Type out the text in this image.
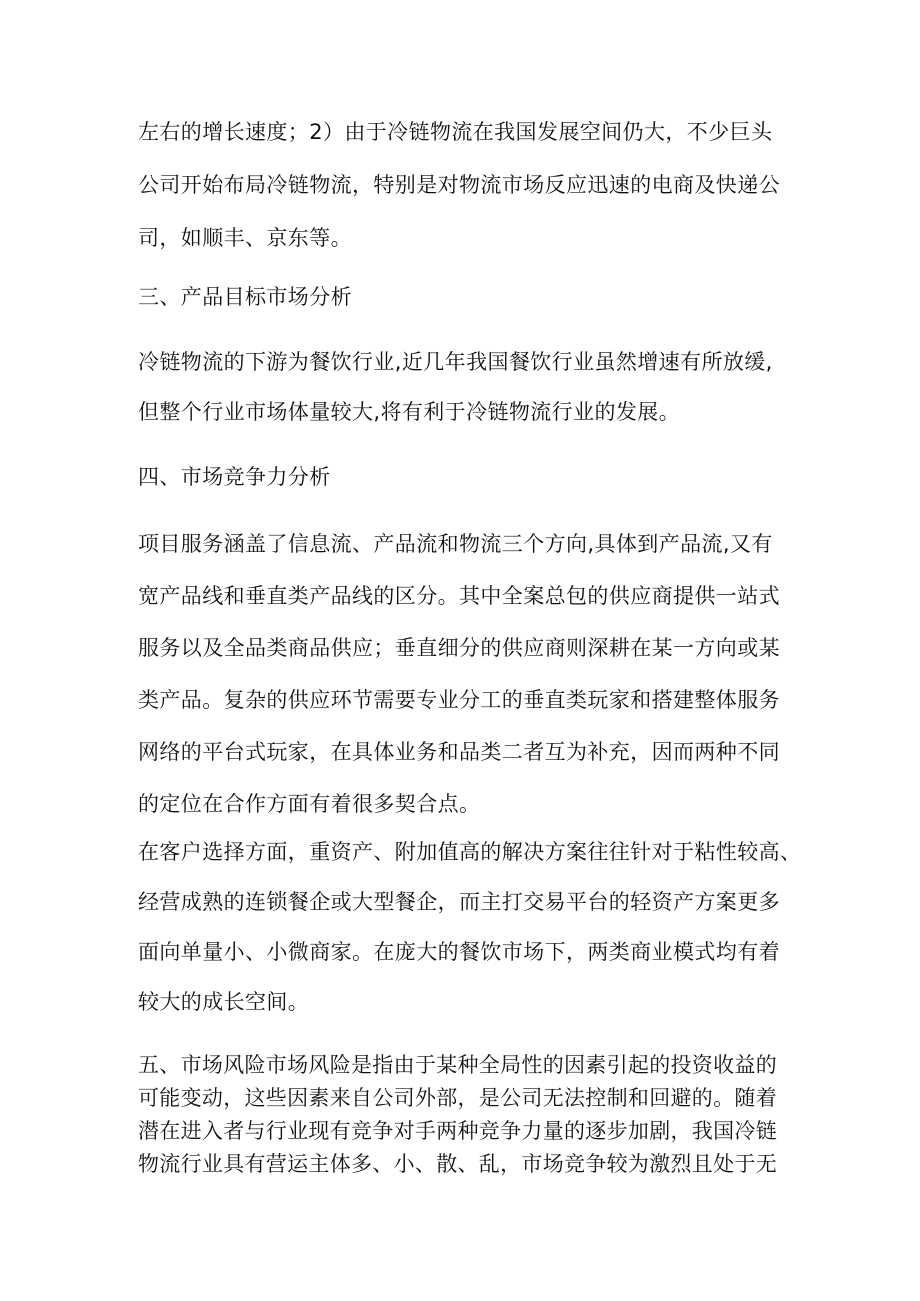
左右的增长速度；2）由于冷链物流在我国发展空间仍大，不少巨头

公司开始布局冷链物流，特别是对物流市场反应迅速的电商及快递公

司，如顺丰、京东等。

三、产品目标市场分析

冷链物流的下游为餐饮行业,近几年我国餐饮行业虽然增速有所放缓,

但整个行业市场体量较大,将有利于冷链物流行业的发展。

四、市场竞争力分析

项目服务涵盖了信息流、产品流和物流三个方向,具体到产品流,又有

宽产品线和垂直类产品线的区分。其中全案总包的供应商提供一站式

服务以及全品类商品供应；垂直细分的供应商则深耕在某一方向或某

类产品。复杂的供应环节需要专业分工的垂直类玩家和搭建整体服务

网络的平台式玩家，在具体业务和品类二者互为补充，因而两种不同

的定位在合作方面有着很多契合点。

在客户选择方面，重资产、附加值高的解决方案往往针对于粘性较高、

经营成熟的连锁餐企或大型餐企，而主打交易平台的轻资产方案更多

面向单量小、小微商家。在庞大的餐饮市场下，两类商业模式均有着

较大的成长空间。

五、市场风险市场风险是指由于某种全局性的因素引起的投资收益的

可能变动，这些因素来自公司外部，是公司无法控制和回避的。随着

潜在进入者与行业现有竞争对手两种竞争力量的逐步加剧，我国冷链

物流行业具有营运主体多、小、散、乱，市场竞争较为激烈且处于无
